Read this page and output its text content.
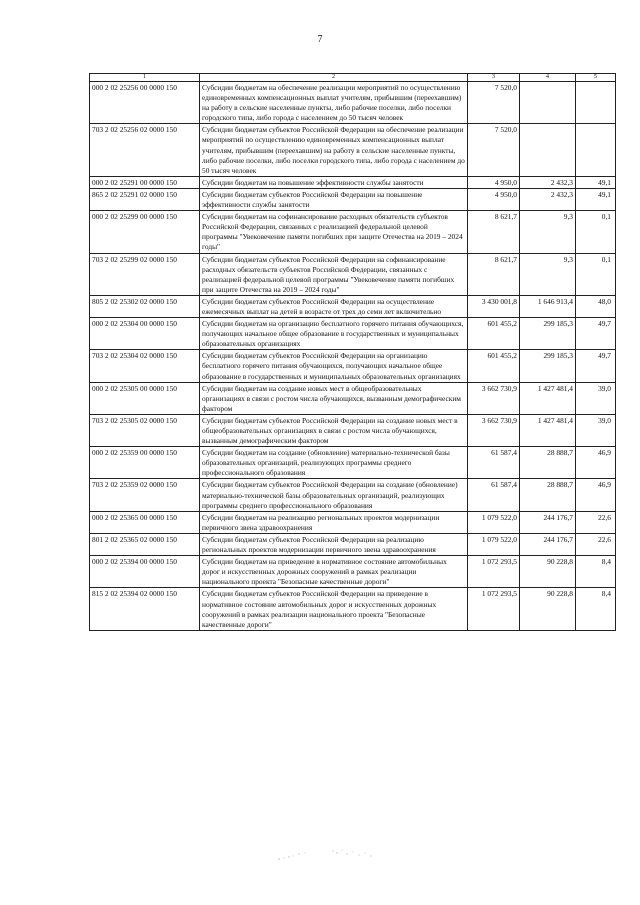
7
1	2	3	4	5
000 2 02 25256 00 0000 150	Субсидии бюджетам на обеспечение реализации мероприятий по осуществлению единовременных компенсационных выплат учителям, прибывшим (переехавшим) на работу в сельские населенные пункты, либо рабочие поселки, либо поселки городского типа, либо города с населением до 50 тысяч человек	7 520,0		
703 2 02 25256 02 0000 150	Субсидии бюджетам субъектов Российской Федерации на обеспечение реализации мероприятий по осуществлению единовременных компенсационных выплат учителям, прибывшим (переехавшим) на работу в сельские населенные пункты, либо рабочие поселки, либо поселки городского типа, либо города с населением до 50 тысяч человек	7 520,0		
000 2 02 25291 00 0000 150	Субсидии бюджетам на повышение эффективности службы занятости	4 950,0	2 432,3	49,1
865 2 02 25291 02 0000 150	Субсидии бюджетам субъектов Российской Федерации на повышение эффективности службы занятости	4 950,0	2 432,3	49,1
000 2 02 25299 00 0000 150	Субсидии бюджетам на софинансирование расходных обязательств субъектов Российской Федерации, связанных с реализацией федеральной целевой программы "Увековечение памяти погибших при защите Отечества на 2019 – 2024 годы"	8 621,7	9,3	0,1
703 2 02 25299 02 0000 150	Субсидии бюджетам субъектов Российской Федерации на софинансирование расходных обязательств субъектов Российской Федерации, связанных с реализацией федеральной целевой программы "Увековечение памяти погибших при защите Отечества на 2019 – 2024 годы"	8 621,7	9,3	0,1
805 2 02 25302 02 0000 150	Субсидии бюджетам субъектов Российской Федерации на осуществление ежемесячных выплат на детей в возрасте от трех до семи лет включительно	3 430 001,8	1 646 913,4	48,0
000 2 02 25304 00 0000 150	Субсидии бюджетам на организацию бесплатного горячего питания обучающихся, получающих начальное общее образование в государственных и муниципальных образовательных организациях	601 455,2	299 185,3	49,7
703 2 02 25304 02 0000 150	Субсидии бюджетам субъектов Российской Федерации на организацию бесплатного горячего питания обучающихся, получающих начальное общее образование в государственных и муниципальных образовательных организациях	601 455,2	299 185,3	49,7
000 2 02 25305 00 0000 150	Субсидии бюджетам на создание новых мест в общеобразовательных организациях в связи с ростом числа обучающихся, вызванным демографическим фактором	3 662 730,9	1 427 481,4	39,0
703 2 02 25305 02 0000 150	Субсидии бюджетам субъектов Российской Федерации на создание новых мест в общеобразовательных организациях в связи с ростом числа обучающихся, вызванным демографическим фактором	3 662 730,9	1 427 481,4	39,0
000 2 02 25359 00 0000 150	Субсидии бюджетам на создание (обновление) материально-технической базы образовательных организаций, реализующих программы среднего профессионального образования	61 587,4	28 888,7	46,9
703 2 02 25359 02 0000 150	Субсидии бюджетам субъектов Российской Федерации на создание (обновление) материально-технической базы образовательных организаций, реализующих программы среднего профессионального образования	61 587,4	28 888,7	46,9
000 2 02 25365 00 0000 150	Субсидии бюджетам на реализацию региональных проектов модернизации первичного звена здравоохранения	1 079 522,0	244 176,7	22,6
801 2 02 25365 02 0000 150	Субсидии бюджетам субъектов Российской Федерации на реализацию региональных проектов модернизации первичного звена здравоохранения	1 079 522,0	244 176,7	22,6
000 2 02 25394 00 0000 150	Субсидии бюджетам на приведение в нормативное состояние автомобильных дорог и искусственных дорожных сооружений в рамках реализации национального проекта "Безопасные качественные дороги"	1 072 293,5	90 228,8	8,4
815 2 02 25394 02 0000 150	Субсидии бюджетам субъектов Российской Федерации на приведение в нормативное состояние автомобильных дорог и искусственных дорожных сооружений в рамках реализации национального проекта "Безопасные качественные дороги"	1 072 293,5	90 228,8	8,4
